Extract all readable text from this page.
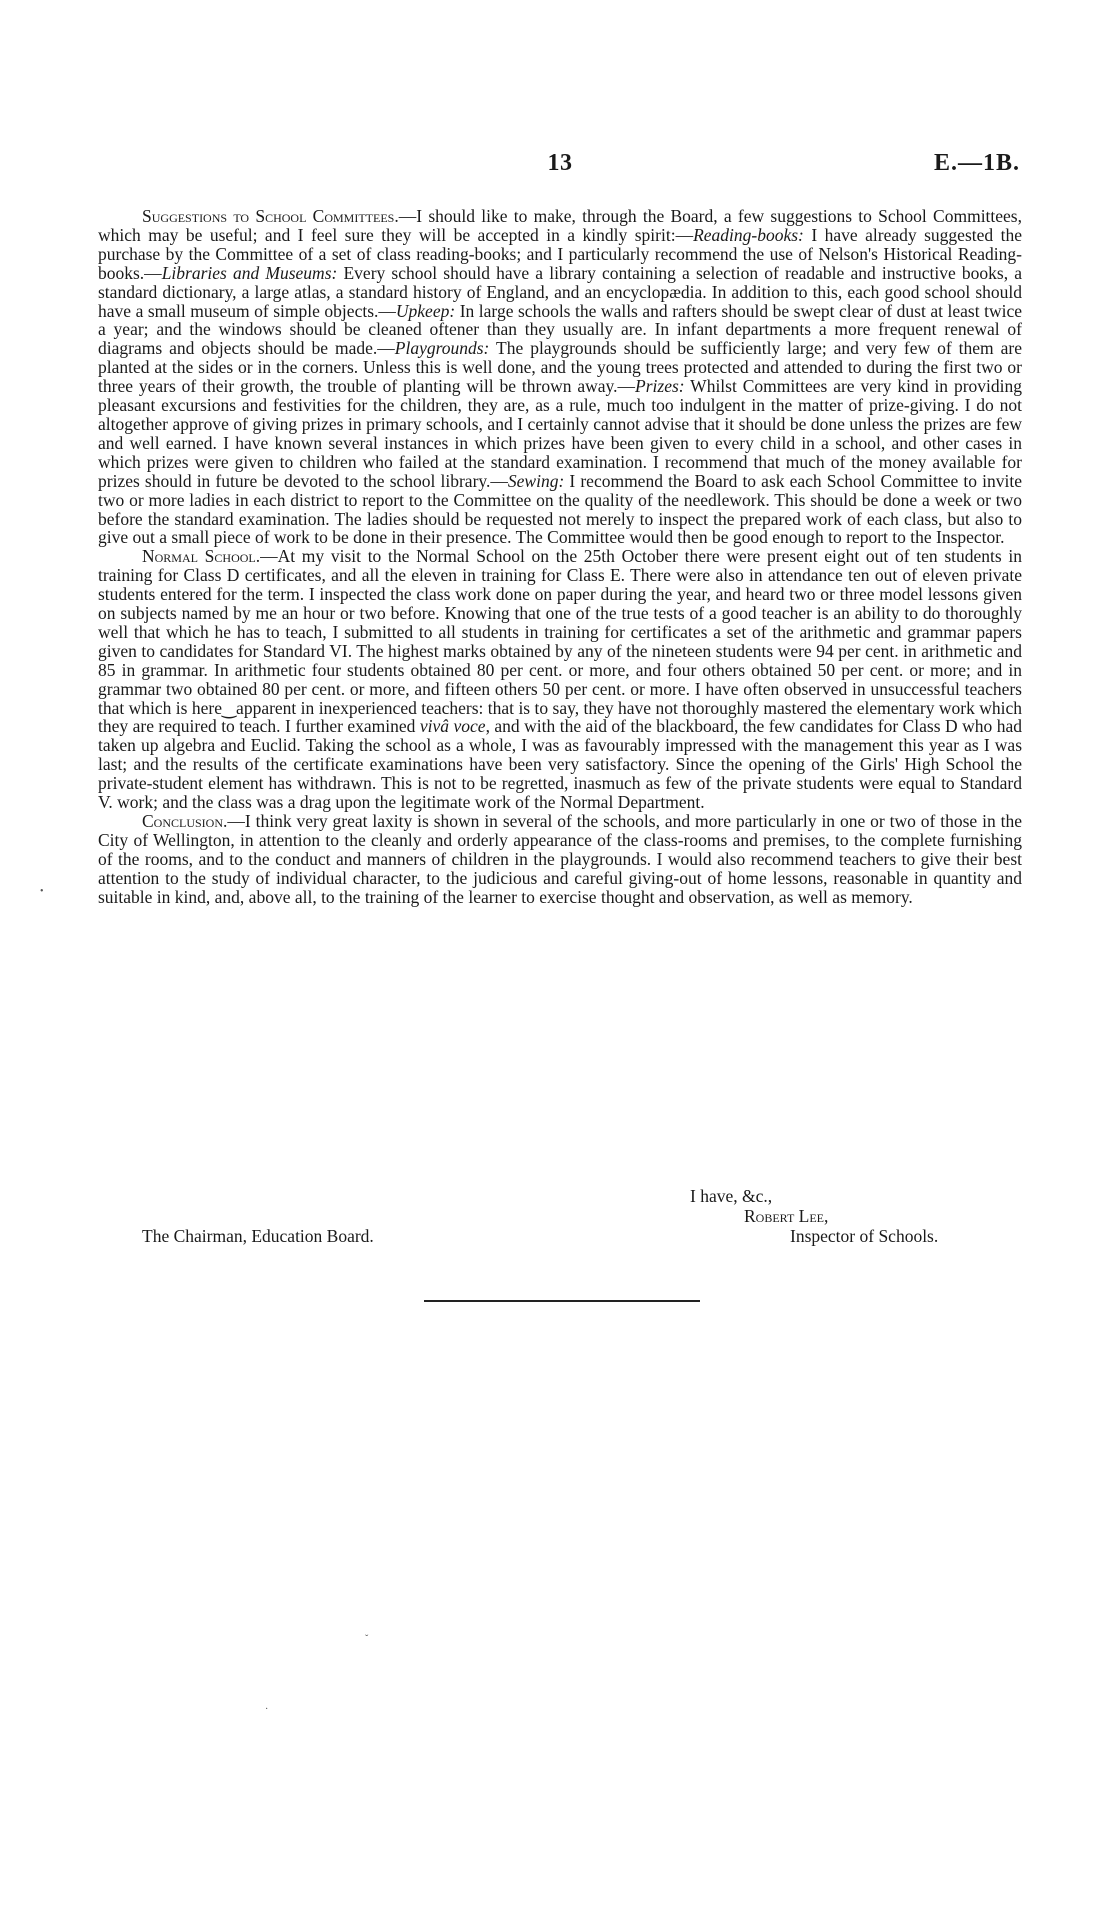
13	E.—1B.

Suggestions to School Committees.—I should like to make, through the Board, a few suggestions to School Committees, which may be useful; and I feel sure they will be accepted in a kindly spirit:—Reading-books: I have already suggested the purchase by the Committee of a set of class reading-books; and I particularly recommend the use of Nelson's Historical Reading-books.—Libraries and Museums: Every school should have a library containing a selection of readable and instructive books, a standard dictionary, a large atlas, a standard history of England, and an encyclopædia. In addition to this, each good school should have a small museum of simple objects.—Upkeep: In large schools the walls and rafters should be swept clear of dust at least twice a year; and the windows should be cleaned oftener than they usually are. In infant departments a more frequent renewal of diagrams and objects should be made.—Playgrounds: The playgrounds should be sufficiently large; and very few of them are planted at the sides or in the corners. Unless this is well done, and the young trees protected and attended to during the first two or three years of their growth, the trouble of planting will be thrown away.—Prizes: Whilst Committees are very kind in providing pleasant excursions and festivities for the children, they are, as a rule, much too indulgent in the matter of prize-giving. I do not altogether approve of giving prizes in primary schools, and I certainly cannot advise that it should be done unless the prizes are few and well earned. I have known several instances in which prizes have been given to every child in a school, and other cases in which prizes were given to children who failed at the standard examination. I recommend that much of the money available for prizes should in future be devoted to the school library.—Sewing: I recommend the Board to ask each School Committee to invite two or more ladies in each district to report to the Committee on the quality of the needlework. This should be done a week or two before the standard examination. The ladies should be requested not merely to inspect the prepared work of each class, but also to give out a small piece of work to be done in their presence. The Committee would then be good enough to report to the Inspector.

Normal School.—At my visit to the Normal School on the 25th October there were present eight out of ten students in training for Class D certificates, and all the eleven in training for Class E. There were also in attendance ten out of eleven private students entered for the term. I inspected the class work done on paper during the year, and heard two or three model lessons given on subjects named by me an hour or two before. Knowing that one of the true tests of a good teacher is an ability to do thoroughly well that which he has to teach, I submitted to all students in training for certificates a set of the arithmetic and grammar papers given to candidates for Standard VI. The highest marks obtained by any of the nineteen students were 94 per cent. in arithmetic and 85 in grammar. In arithmetic four students obtained 80 per cent. or more, and four others obtained 50 per cent. or more; and in grammar two obtained 80 per cent. or more, and fifteen others 50 per cent. or more. I have often observed in unsuccessful teachers that which is here‿apparent in inexperienced teachers: that is to say, they have not thoroughly mastered the elementary work which they are required to teach. I further examined vivâ voce, and with the aid of the blackboard, the few candidates for Class D who had taken up algebra and Euclid. Taking the school as a whole, I was as favourably impressed with the management this year as I was last; and the results of the certificate examinations have been very satisfactory. Since the opening of the Girls' High School the private-student element has withdrawn. This is not to be regretted, inasmuch as few of the private students were equal to Standard V. work; and the class was a drag upon the legitimate work of the Normal Department.

Conclusion.—I think very great laxity is shown in several of the schools, and more particularly in one or two of those in the City of Wellington, in attention to the cleanly and orderly appearance of the class-rooms and premises, to the complete furnishing of the rooms, and to the conduct and manners of children in the playgrounds. I would also recommend teachers to give their best attention to the study of individual character, to the judicious and careful giving-out of home lessons, reasonable in quantity and suitable in kind, and, above all, to the training of the learner to exercise thought and observation, as well as memory.

I have, &c.,
Robert Lee,
The Chairman, Education Board.	Inspector of Schools.
•
ˇ
·
